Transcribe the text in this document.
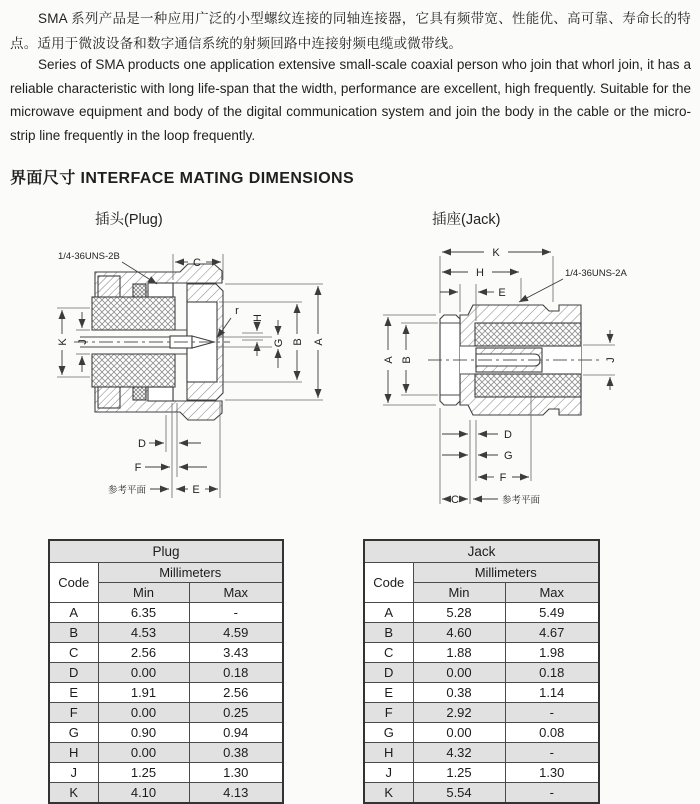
SMA 系列产品是一种应用广泛的小型螺纹连接的同轴连接器，它具有频带宽、性能优、高可靠、寿命长的特点。适用于微波设备和数字通信系统的射频回路中连接射频电缆或微带线。
Series of SMA products one application extensive small-scale coaxial person who join that whorl join, it has a reliable characteristic with long life-span that the width, performance are excellent, high frequently. Suitable for the microwave equipment and body of the digital communication system and join the body in the cable or the micro-strip line frequently in the loop frequently.
界面尺寸 INTERFACE MATING DIMENSIONS
插头(Plug)	插座(Jack)
C
1/4-36UNS-2B
r
H
G B A
K J
D
F
参考平面	E
K
H
E
1/4-36UNS-2A
A B	J
D
G
F
C	参考平面
Plug		
Code	Millimeters	
	Min	Max
A	6.35	-
B	4.53	4.59
C	2.56	3.43
D	0.00	0.18
E	1.91	2.56
F	0.00	0.25
G	0.90	0.94
H	0.00	0.38
J	1.25	1.30
K	4.10	4.13
Jack		
Code	Millimeters	
	Min	Max
A	5.28	5.49
B	4.60	4.67
C	1.88	1.98
D	0.00	0.18
E	0.38	1.14
F	2.92	-
G	0.00	0.08
H	4.32	-
J	1.25	1.30
K	5.54	-
